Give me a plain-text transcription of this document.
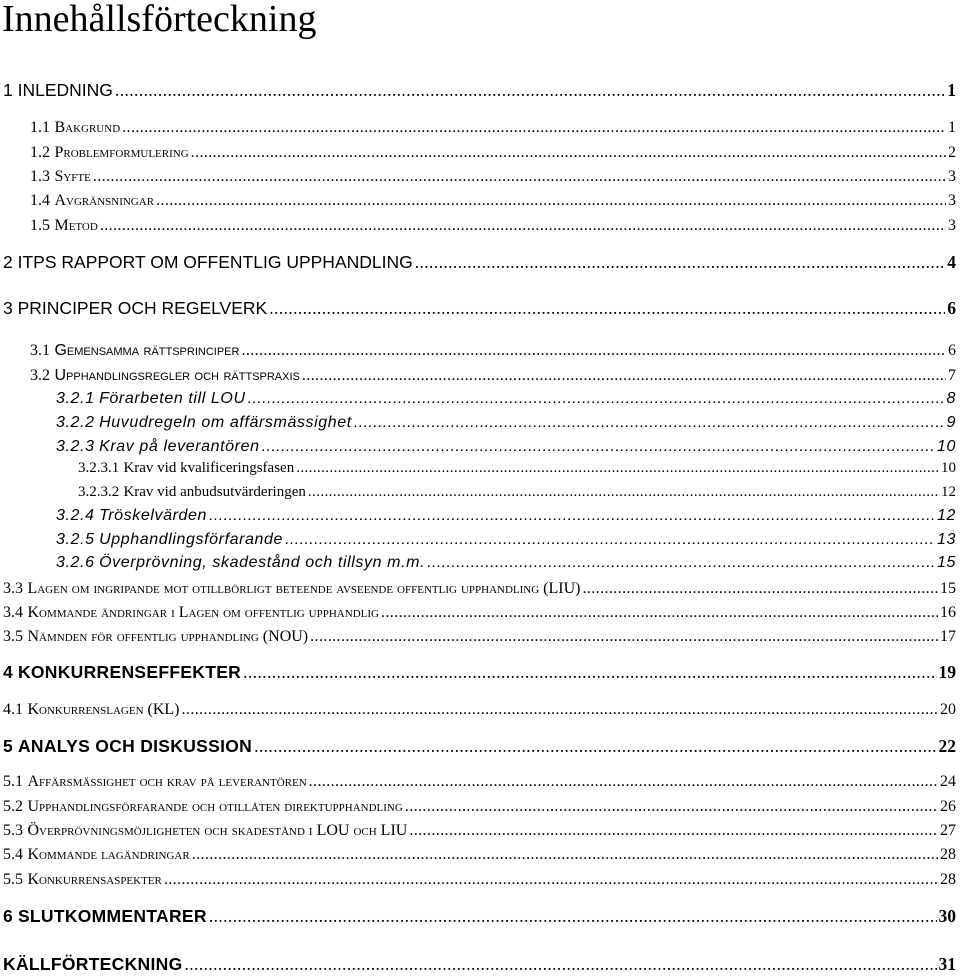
Innehållsförteckning
1 INLEDNING .....	1
1.1 Bakgrund .....	1
1.2 Problemformulering .....	2
1.3 Syfte .....	3
1.4 Avgränsningar .....	3
1.5 Metod .....	3
2 ITPS RAPPORT OM OFFENTLIG UPPHANDLING .....	4
3 PRINCIPER OCH REGELVERK .....	6
3.1 Gemensamma rättsprinciper .....	6
3.2 Upphandlingsregler och rättspraxis .....	7
3.2.1 Förarbeten till LOU .....	8
3.2.2 Huvudregeln om affärsmässighet .....	9
3.2.3 Krav på leverantören .....	10
3.2.3.1 Krav vid kvalificeringsfasen .....	10
3.2.3.2 Krav vid anbudsutvärderingen .....	12
3.2.4 Tröskelvärden .....	12
3.2.5 Upphandlingsförfarande .....	13
3.2.6 Överprövning, skadestånd och tillsyn m.m. .....	15
3.3 Lagen om ingripande mot otillbörligt beteende avseende offentlig upphandling (LIU) .....	15
3.4 Kommande ändringar i Lagen om offentlig upphandlig .....	16
3.5 Nämnden för offentlig upphandling (NOU) .....	17
4 KONKURRENSEFFEKTER .....	19
4.1 Konkurrenslagen (KL) .....	20
5 ANALYS OCH DISKUSSION .....	22
5.1 Affärsmässighet och krav på leverantören .....	24
5.2 Upphandlingsförfarande och otillåten direktupphandling .....	26
5.3 Överprövningsmöjligheten och skadestånd i LOU och LIU .....	27
5.4 Kommande lagändringar .....	28
5.5 Konkurrensaspekter .....	28
6 SLUTKOMMENTARER .....	30
KÄLLFÖRTECKNING .....	31
